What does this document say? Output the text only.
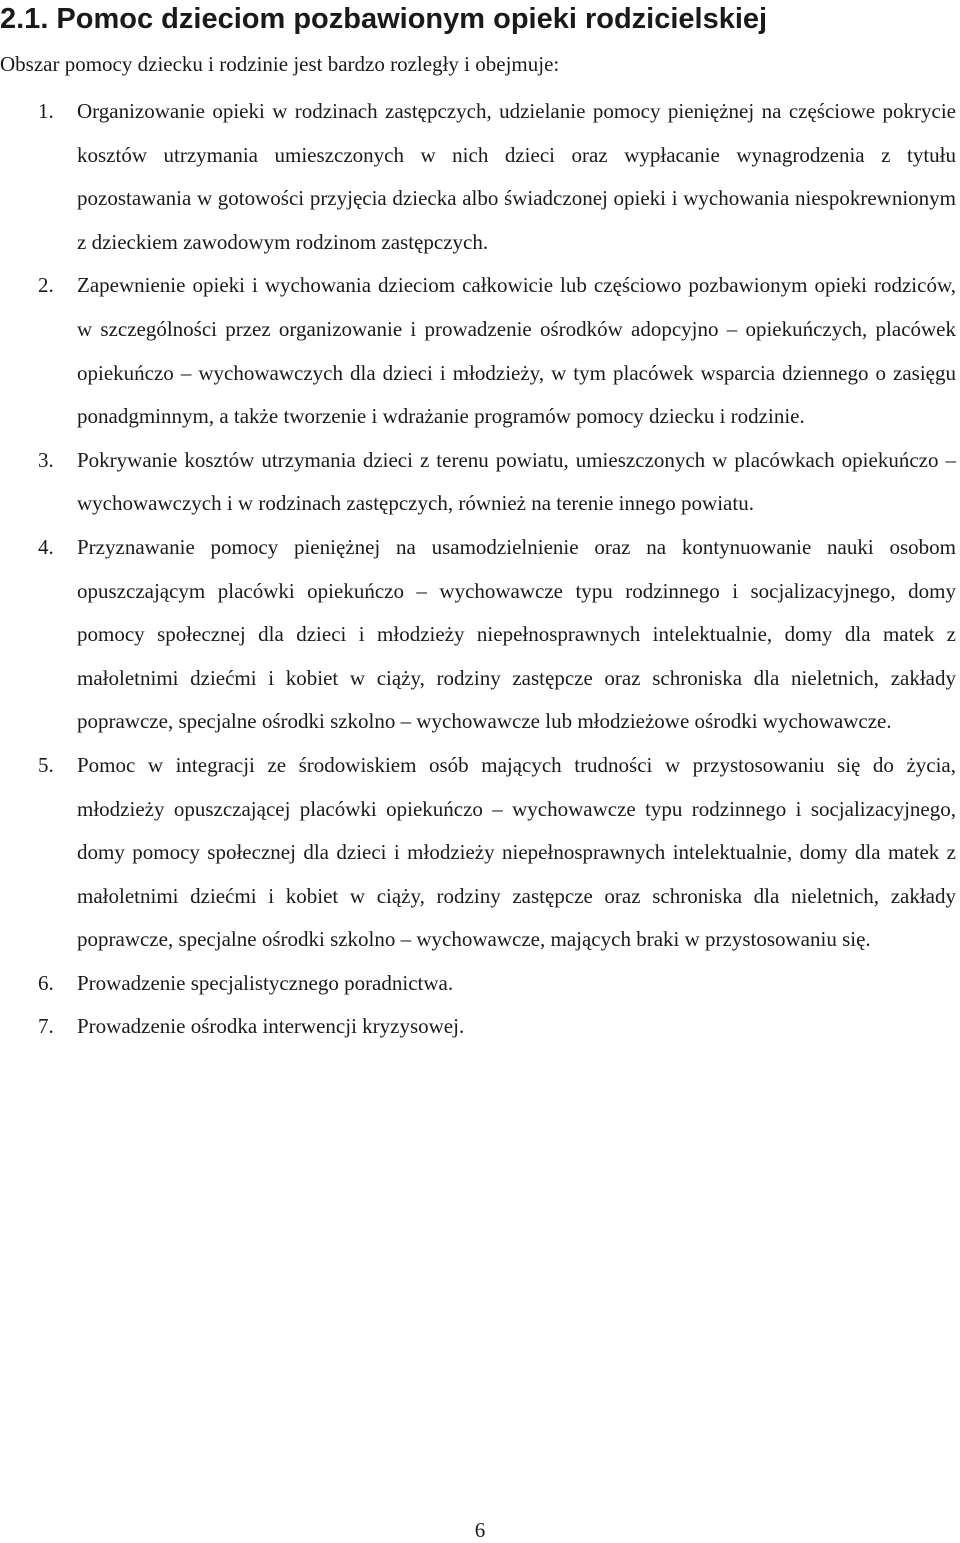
2.1. Pomoc dzieciom pozbawionym opieki rodzicielskiej

Obszar pomocy dziecku i rodzinie jest bardzo rozległy i obejmuje:

1. Organizowanie opieki w rodzinach zastępczych, udzielanie pomocy pieniężnej na częściowe pokrycie kosztów utrzymania umieszczonych w nich dzieci oraz wypłacanie wynagrodzenia z tytułu pozostawania w gotowości przyjęcia dziecka albo świadczonej opieki i wychowania niespokrewnionym z dzieckiem zawodowym rodzinom zastępczych.

2. Zapewnienie opieki i wychowania dzieciom całkowicie lub częściowo pozbawionym opieki rodziców, w szczególności przez organizowanie i prowadzenie ośrodków adopcyjno – opiekuńczych, placówek opiekuńczo – wychowawczych dla dzieci i młodzieży, w tym placówek wsparcia dziennego o zasięgu ponadgminnym, a także tworzenie i wdrażanie programów pomocy dziecku i rodzinie.

3. Pokrywanie kosztów utrzymania dzieci z terenu powiatu, umieszczonych w placówkach opiekuńczo – wychowawczych i w rodzinach zastępczych, również na terenie innego powiatu.

4. Przyznawanie pomocy pieniężnej na usamodzielnienie oraz na kontynuowanie nauki osobom opuszczającym placówki opiekuńczo – wychowawcze typu rodzinnego i socjalizacyjnego, domy pomocy społecznej dla dzieci i młodzieży niepełnosprawnych intelektualnie, domy dla matek z małoletnimi dziećmi i kobiet w ciąży, rodziny zastępcze oraz schroniska dla nieletnich, zakłady poprawcze, specjalne ośrodki szkolno – wychowawcze lub młodzieżowe ośrodki wychowawcze.

5. Pomoc w integracji ze środowiskiem osób mających trudności w przystosowaniu się do życia, młodzieży opuszczającej placówki opiekuńczo – wychowawcze typu rodzinnego i socjalizacyjnego, domy pomocy społecznej dla dzieci i młodzieży niepełnosprawnych intelektualnie, domy dla matek z małoletnimi dziećmi i kobiet w ciąży, rodziny zastępcze oraz schroniska dla nieletnich, zakłady poprawcze, specjalne ośrodki szkolno – wychowawcze, mających braki w przystosowaniu się.

6. Prowadzenie specjalistycznego poradnictwa.

7. Prowadzenie ośrodka interwencji kryzysowej.

6
